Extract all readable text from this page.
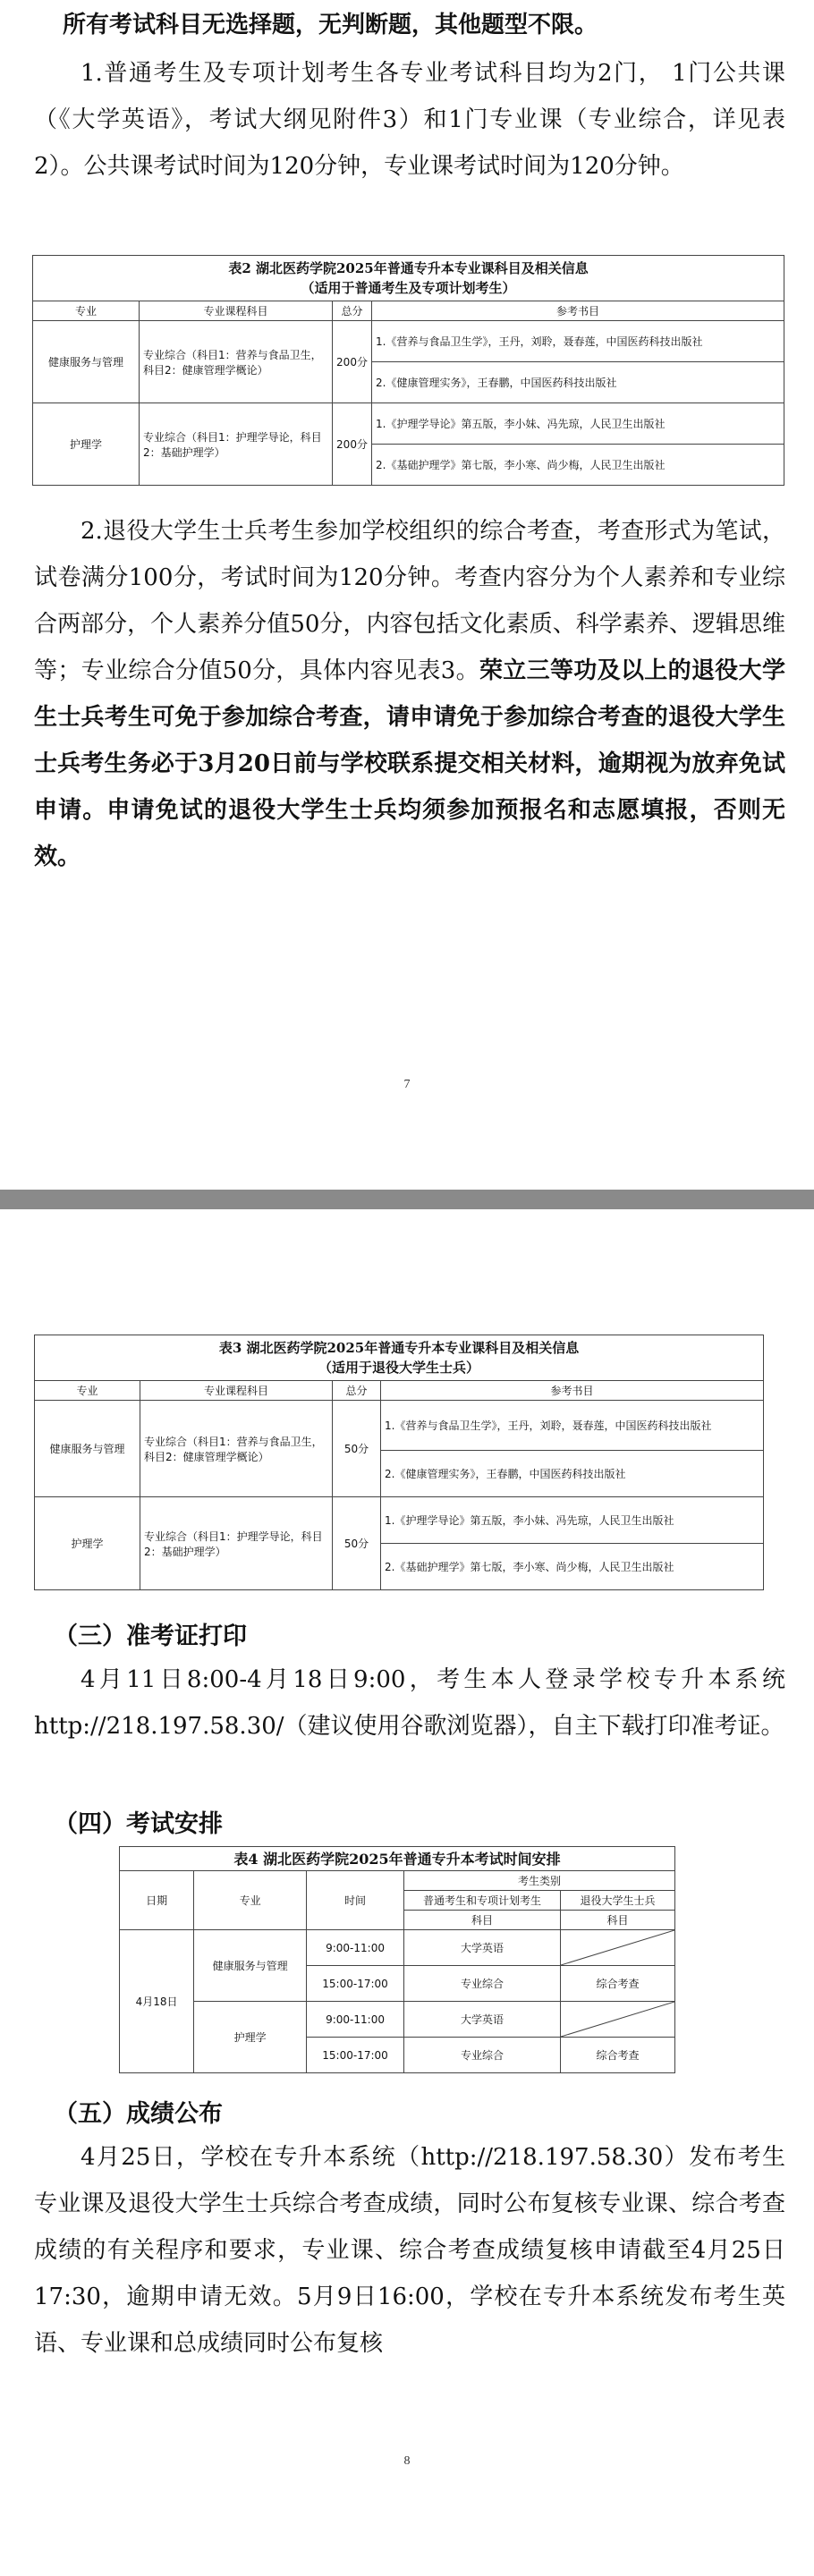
所有考试科目无选择题，无判断题，其他题型不限。

1.普通考生及专项计划考生各专业考试科目均为2门， 1门公共课（《大学英语》，考试大纲见附件3）和1门专业课（专业综合，详见表2）。公共课考试时间为120分钟，专业课考试时间为120分钟。

表2 湖北医药学院2025年普通专升本专业课科目及相关信息			
（适用于普通考生及专项计划考生）			
专业	专业课程科目	总分	参考书目
健康服务与管理	专业综合（科目1：营养与食品卫生，科目2：健康管理学概论）	200分	1.《营养与食品卫生学》，王丹，刘聆，聂春莲，中国医药科技出版社
			2.《健康管理实务》，王春鹏，中国医药科技出版社
护理学	专业综合（科目1：护理学导论，科目2：基础护理学）	200分	1.《护理学导论》第五版，李小妹、冯先琼，人民卫生出版社
			2.《基础护理学》第七版，李小寒、尚少梅，人民卫生出版社

2.退役大学生士兵考生参加学校组织的综合考查，考查形式为笔试，试卷满分100分，考试时间为120分钟。考查内容分为个人素养和专业综合两部分，个人素养分值50分，内容包括文化素质、科学素养、逻辑思维等；专业综合分值50分，具体内容见表3。荣立三等功及以上的退役大学生士兵考生可免于参加综合考查，请申请免于参加综合考查的退役大学生士兵考生务必于3月20日前与学校联系提交相关材料，逾期视为放弃免试申请。申请免试的退役大学生士兵均须参加预报名和志愿填报，否则无效。

7
表3 湖北医药学院2025年普通专升本专业课科目及相关信息			
（适用于退役大学生士兵）			
专业	专业课程科目	总分	参考书目
健康服务与管理	专业综合（科目1：营养与食品卫生，科目2：健康管理学概论）	50分	1.《营养与食品卫生学》，王丹，刘聆，聂春莲，中国医药科技出版社
			2.《健康管理实务》，王春鹏，中国医药科技出版社
护理学	专业综合（科目1：护理学导论，科目2：基础护理学）	50分	1.《护理学导论》第五版，李小妹、冯先琼，人民卫生出版社
			2.《基础护理学》第七版，李小寒、尚少梅，人民卫生出版社

（三）准考证打印

4月11日8:00-4月18日9:00，考生本人登录学校专升本系统 http://218.197.58.30/（建议使用谷歌浏览器），自主下载打印准考证。

（四）考试安排

表4 湖北医药学院2025年普通专升本考试时间安排				
日期	专业	时间	考生类别	
			普通考生和专项计划考生	退役大学生士兵
			科目	科目
4月18日	健康服务与管理	9:00-11:00	大学英语	

		15:00-17:00	专业综合	综合考查
	护理学	9:00-11:00	大学英语	

		15:00-17:00	专业综合	综合考查

（五）成绩公布

4月25日，学校在专升本系统（http://218.197.58.30）发布考生专业课及退役大学生士兵综合考查成绩，同时公布复核专业课、综合考查成绩的有关程序和要求，专业课、综合考查成绩复核申请截至4月25日17:30，逾期申请无效。5月9日16:00，学校在专升本系统发布考生英语、专业课和总成绩同时公布复核

8
